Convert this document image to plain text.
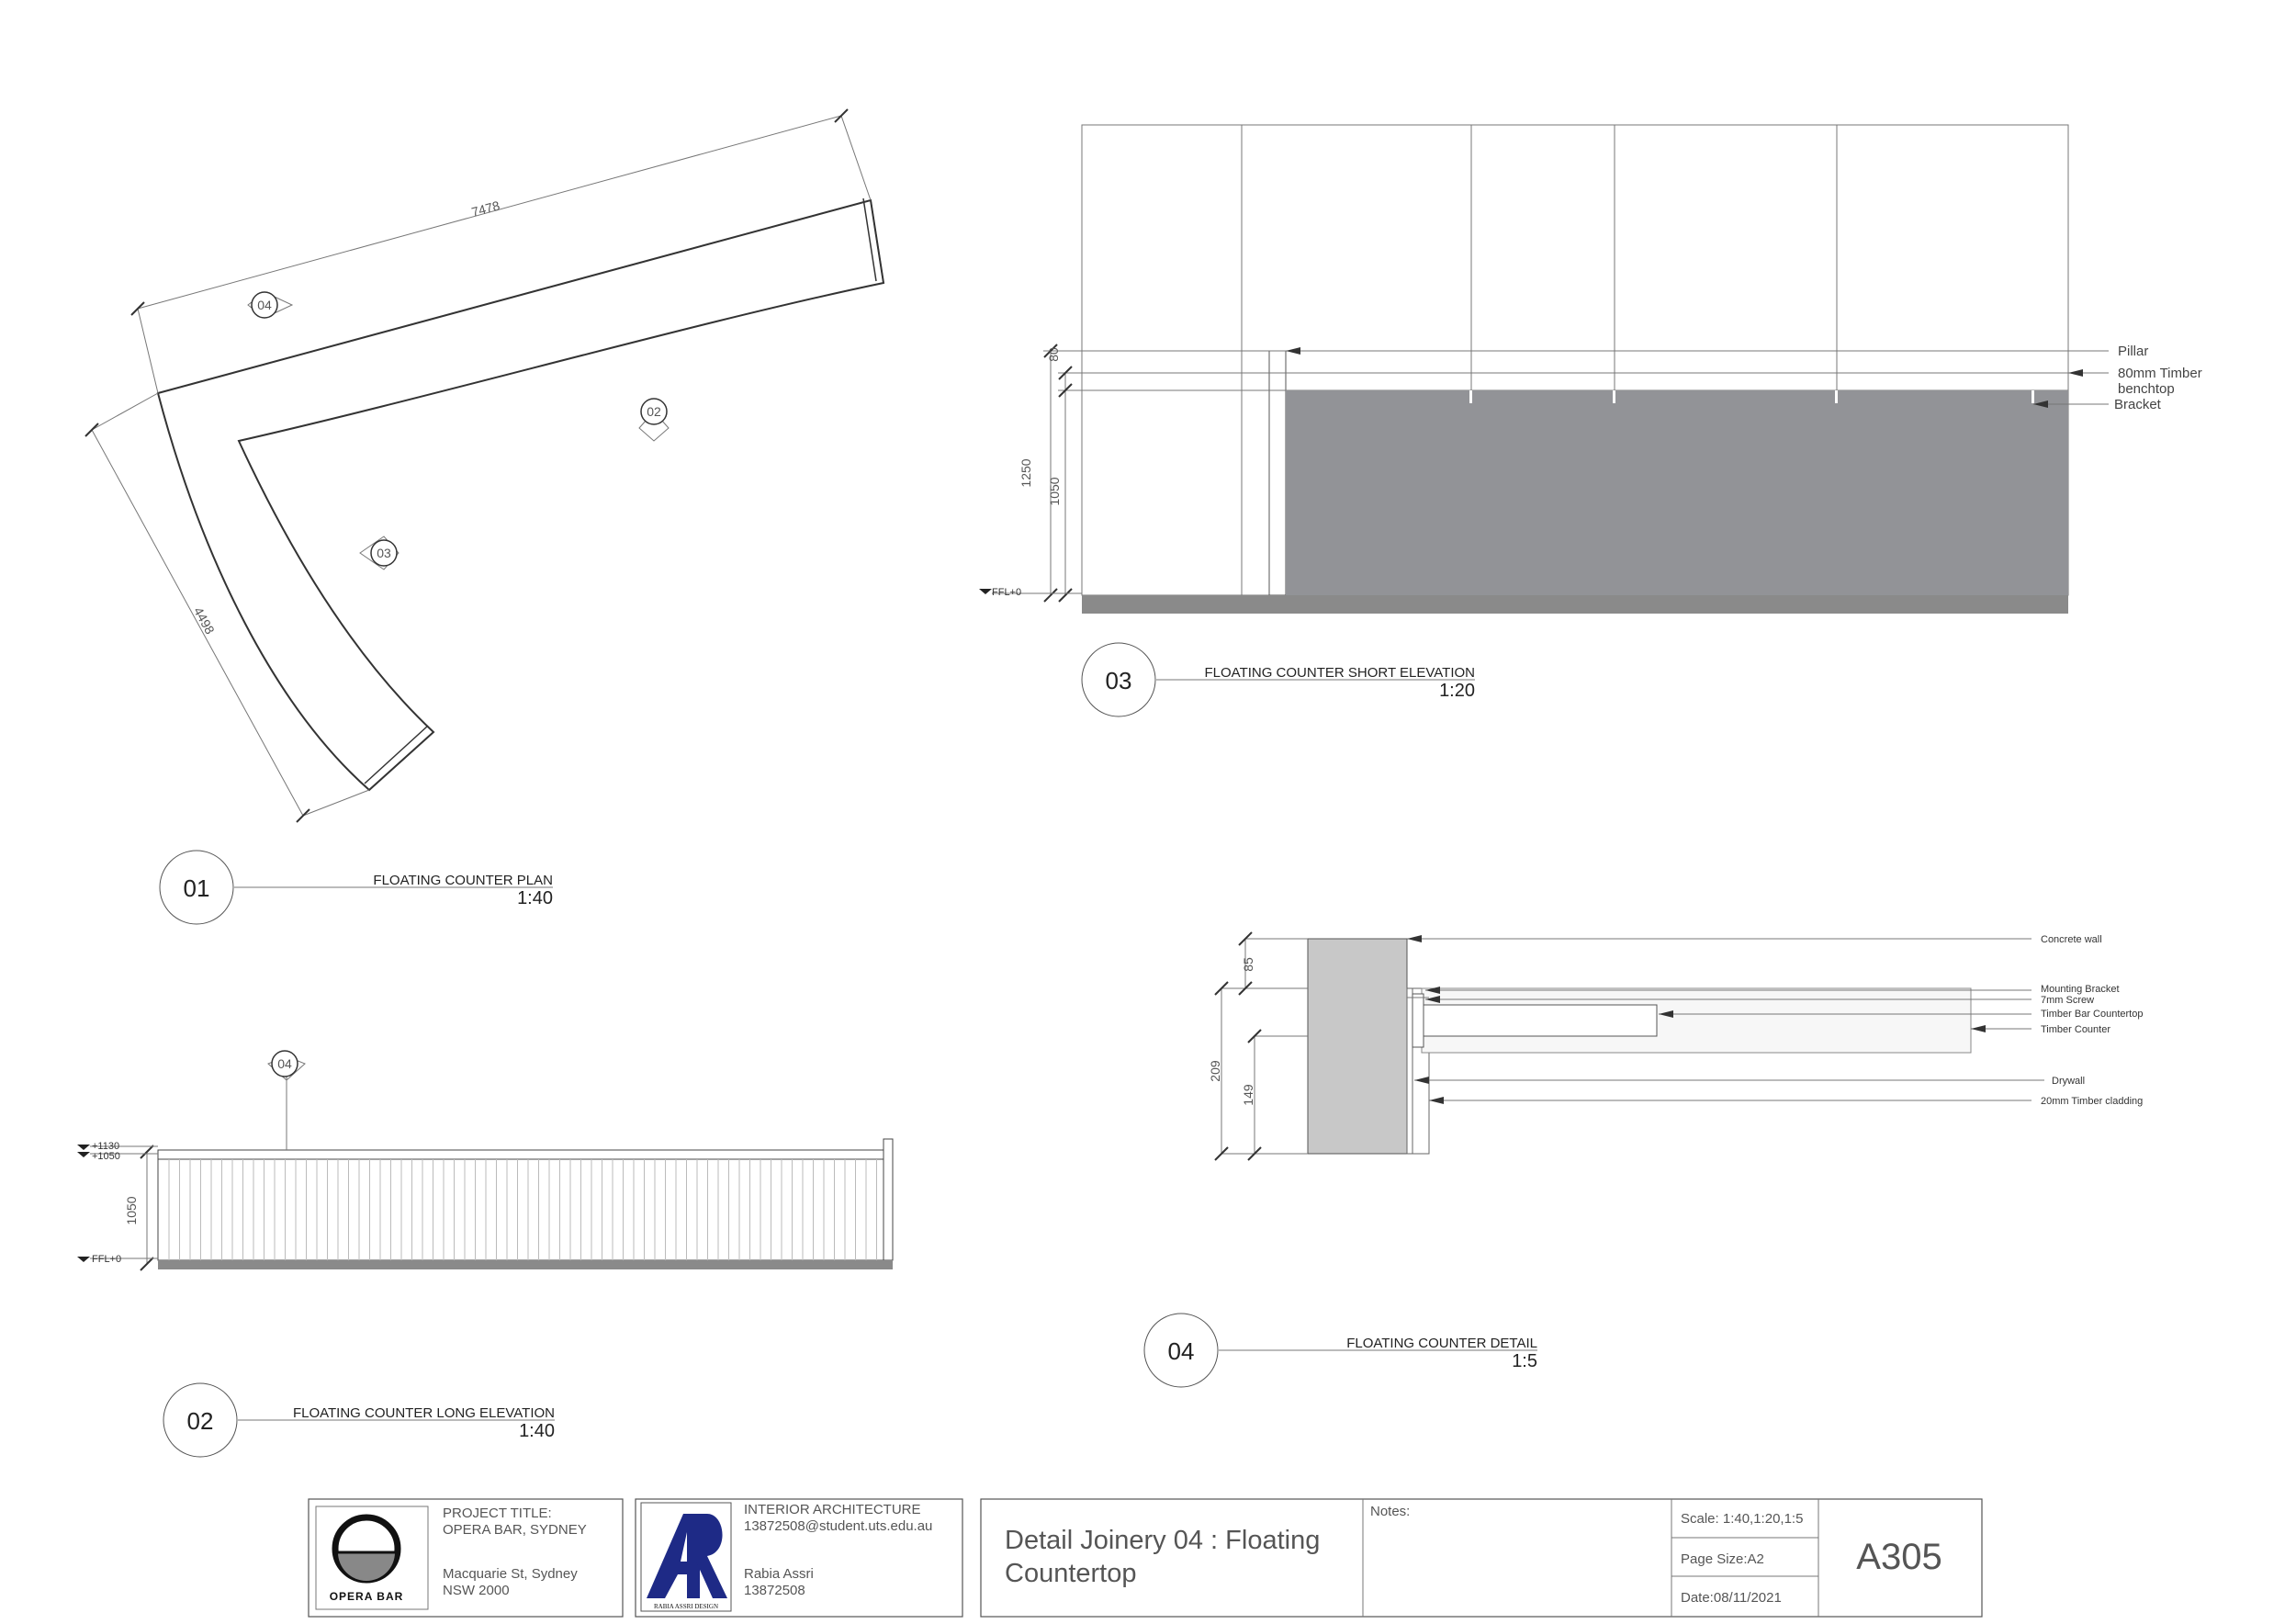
7478
4498
04
02
03
01	FLOATING COUNTER PLAN
1:40
04
1050
+1130
+1050
FFL+0
02	FLOATING COUNTER LONG ELEVATION
1:40
80
1250
1050
FFL+0
Pillar
80mm Timber
benchtop
Bracket
03	FLOATING COUNTER SHORT ELEVATION
1:20
85
209
149
Concrete wall
Mounting Bracket
7mm Screw
Timber Bar Countertop
Timber Counter
Drywall
20mm Timber cladding
04	FLOATING COUNTER DETAIL
1:5
OPERA BAR
PROJECT TITLE:
OPERA BAR, SYDNEY
Macquarie St, Sydney
NSW 2000
RABIA ASSRI DESIGN
INTERIOR ARCHITECTURE
13872508@student.uts.edu.au
Rabia Assri
13872508
Detail Joinery 04 : Floating
Countertop
Notes:	Scale: 1:40,1:20,1:5
Page Size:A2
Date:08/11/2021
A305
